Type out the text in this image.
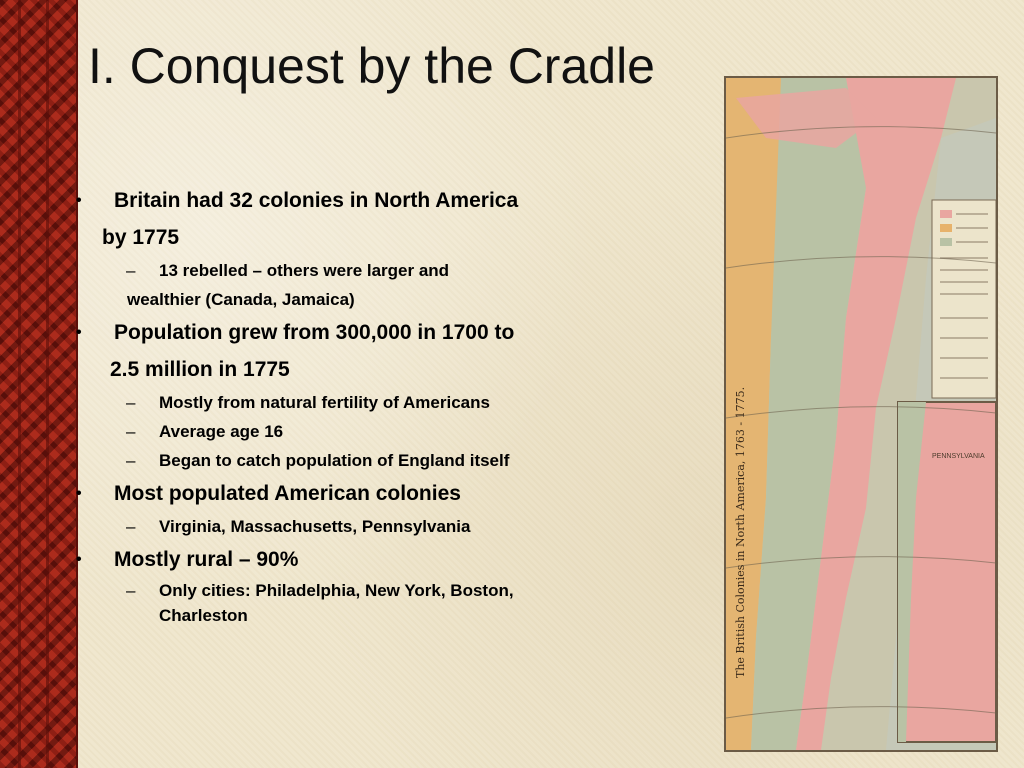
I. Conquest by the Cradle
• Britain had 32 colonies in North America
by 1775
– 13 rebelled – others were larger and
wealthier (Canada, Jamaica)
• Population grew from 300,000 in 1700 to
2.5 million in 1775
– Mostly from natural fertility of Americans
– Average age 16
– Began to catch population of England itself
• Most populated American colonies
– Virginia, Massachusetts, Pennsylvania
• Mostly rural – 90%
– Only cities: Philadelphia, New York, Boston,
Charleston
PENNSYLVANIA
The British Colonies in North America, 1763 - 1775.
